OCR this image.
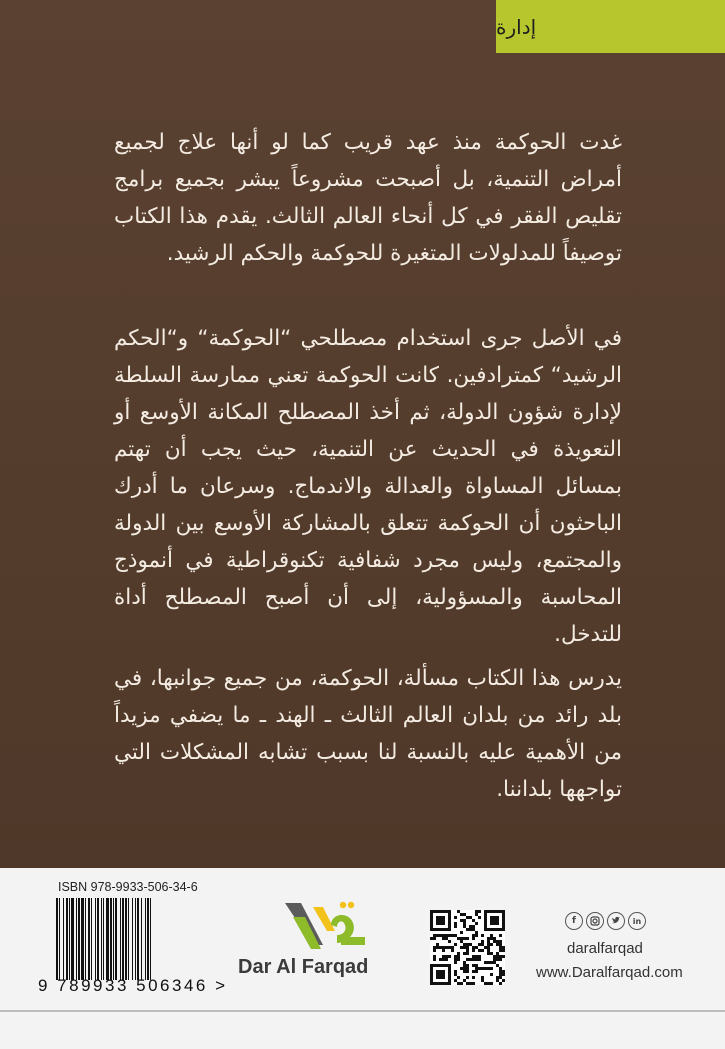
إدارة

غدت الحوكمة منذ عهد قريب كما لو أنها علاج لجميع أمراض التنمية، بل أصبحت مشروعاً يبشر بجميع برامج تقليص الفقر في كل أنحاء العالم الثالث. يقدم هذا الكتاب توصيفاً للمدلولات المتغيرة للحوكمة والحكم الرشيد.

في الأصل جرى استخدام مصطلحي “الحوكمة“ و“الحكم الرشيد“ كمترادفين. كانت الحوكمة تعني ممارسة السلطة لإدارة شؤون الدولة، ثم أخذ المصطلح المكانة الأوسع أو التعويذة في الحديث عن التنمية، حيث يجب أن تهتم بمسائل المساواة والعدالة والاندماج. وسرعان ما أدرك الباحثون أن الحوكمة تتعلق بالمشاركة الأوسع بين الدولة والمجتمع، وليس مجرد شفافية تكنوقراطية في أنموذج المحاسبة والمسؤولية، إلى أن أصبح المصطلح أداة للتدخل.

يدرس هذا الكتاب مسألة، الحوكمة، من جميع جوانبها، في بلد رائد من بلدان العالم الثالث ـ الهند ـ ما يضفي مزيداً من الأهمية عليه بالنسبة لنا بسبب تشابه المشكلات التي تواجهها بلداننا.

ISBN 978-9933-506-34-6
9 789933 506346 >
Dar Al Farqad
f	in
daralfarqad
www.Daralfarqad.com
